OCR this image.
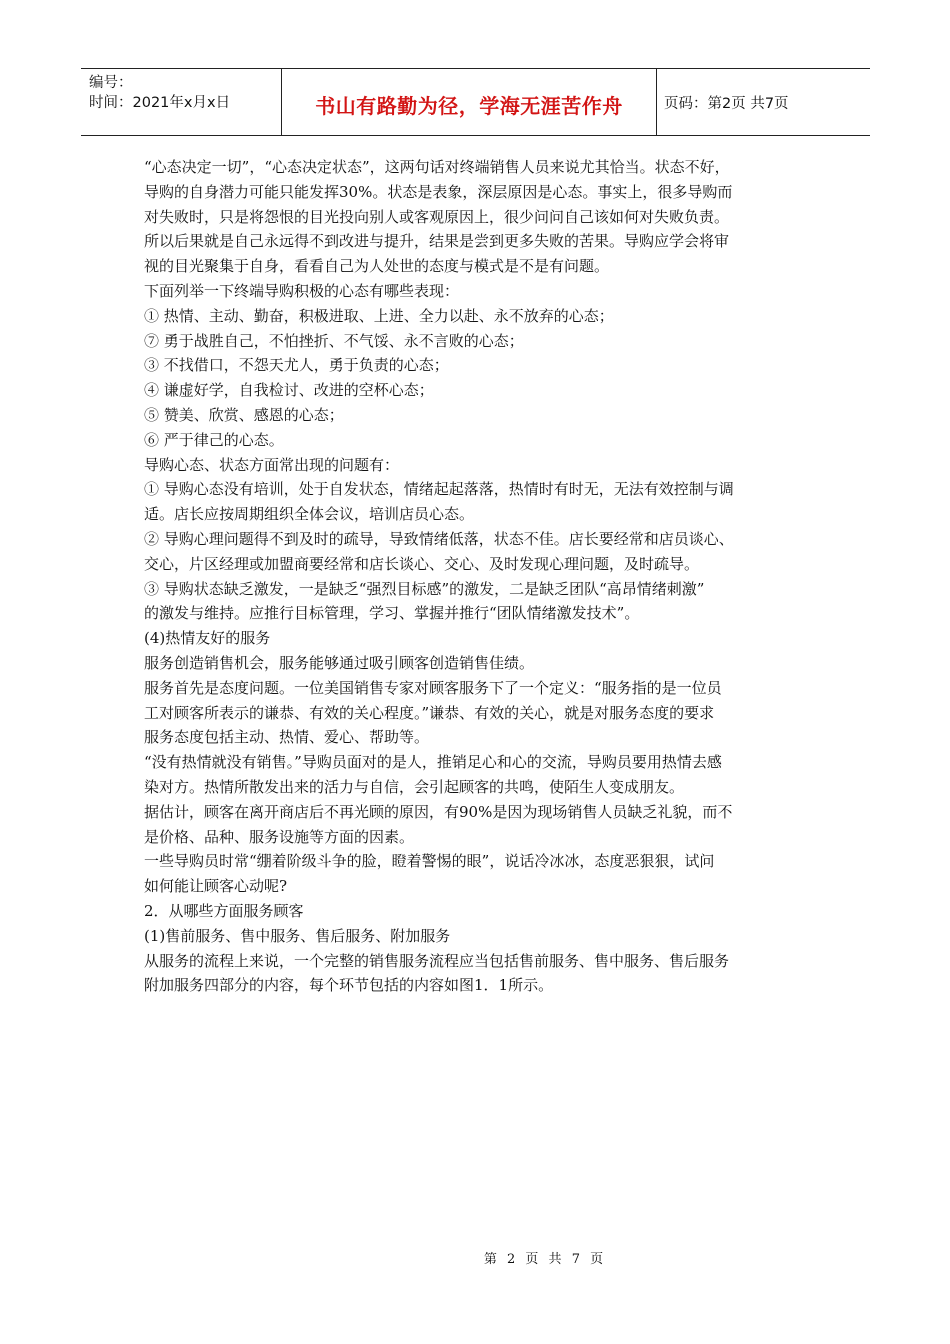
编号：
时间：2021年x月x日	书山有路勤为径，学海无涯苦作舟	页码：第2页 共7页

“心态决定一切”，“心态决定状态”，这两句话对终端销售人员来说尤其恰当。状态不好，

导购的自身潜力可能只能发挥30%。状态是表象，深层原因是心态。事实上，很多导购而

对失败时，只是将怨恨的目光投向别人或客观原因上，很少问问自己该如何对失败负责。

所以后果就是自己永远得不到改进与提升，结果是尝到更多失败的苦果。导购应学会将审

视的目光聚集于自身，看看自己为人处世的态度与模式是不是有问题。

下面列举一下终端导购积极的心态有哪些表现：

① 热情、主动、勤奋，积极进取、上进、全力以赴、永不放弃的心态；

⑦ 勇于战胜自己，不怕挫折、不气馁、永不言败的心态；

③ 不找借口，不怨天尤人，勇于负责的心态；

④ 谦虚好学，自我检讨、改进的空杯心态；

⑤ 赞美、欣赏、感恩的心态；

⑥ 严于律己的心态。

导购心态、状态方面常出现的问题有：

① 导购心态没有培训，处于自发状态，情绪起起落落，热情时有时无，无法有效控制与调

适。店长应按周期组织全体会议，培训店员心态。

② 导购心理问题得不到及时的疏导，导致情绪低落，状态不佳。店长要经常和店员谈心、

交心，片区经理或加盟商要经常和店长谈心、交心、及时发现心理问题，及时疏导。

③ 导购状态缺乏激发，一是缺乏“强烈目标感”的激发，二是缺乏团队“高昂情绪刺激”

的激发与维持。应推行目标管理，学习、掌握并推行“团队情绪激发技术”。

(4)热情友好的服务

服务创造销售机会，服务能够通过吸引顾客创造销售佳绩。

服务首先是态度问题。一位美国销售专家对顾客服务下了一个定义：“服务指的是一位员

工对顾客所表示的谦恭、有效的关心程度。”谦恭、有效的关心，就是对服务态度的要求

服务态度包括主动、热情、爱心、帮助等。

“没有热情就没有销售。”导购员面对的是人，推销足心和心的交流，导购员要用热情去感

染对方。热情所散发出来的活力与自信，会引起顾客的共鸣，使陌生人变成朋友。

据估计，顾客在离开商店后不再光顾的原因，有90%是因为现场销售人员缺乏礼貌，而不

是价格、品种、服务设施等方面的因素。

一些导购员时常“绷着阶级斗争的脸，瞪着警惕的眼”，说话冷冰冰，态度恶狠狠，试问

如何能让顾客心动呢?

2．从哪些方面服务顾客

(1)售前服务、售中服务、售后服务、附加服务

从服务的流程上来说，一个完整的销售服务流程应当包括售前服务、售中服务、售后服务

附加服务四部分的内容，每个环节包括的内容如图1．1所示。

第 2 页 共 7 页
